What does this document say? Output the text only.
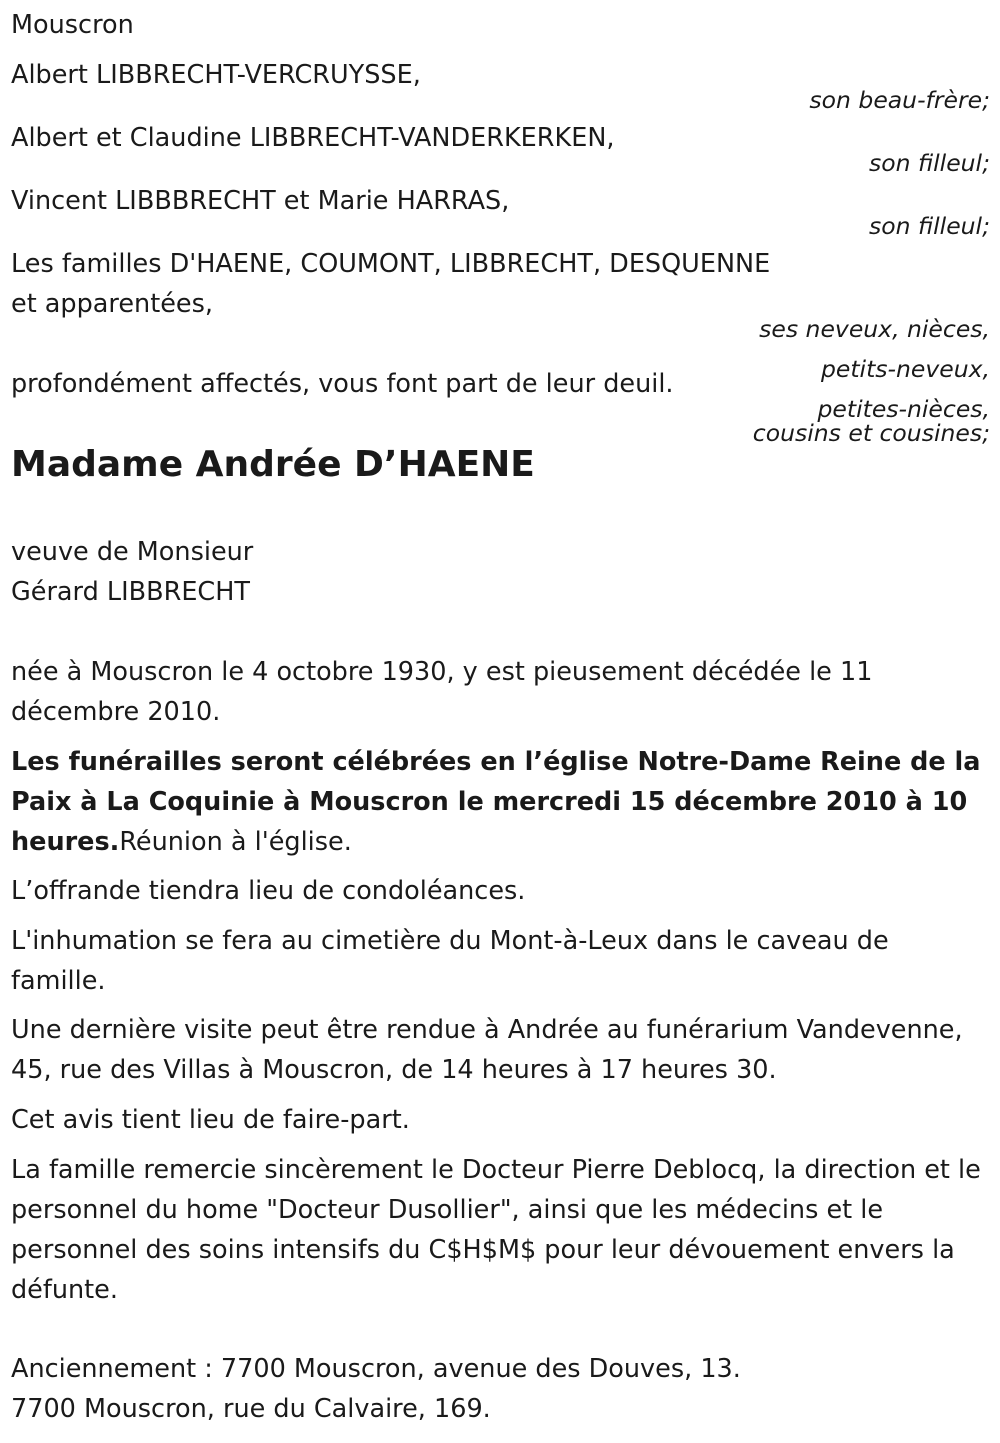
Mouscron
Albert LIBBRECHT-VERCRUYSSE,
son beau-frère;
Albert et Claudine LIBBRECHT-VANDERKERKEN,
son filleul;
Vincent LIBBBRECHT et Marie HARRAS,
son filleul;
Les familles D'HAENE, COUMONT, LIBBRECHT, DESQUENNE
et apparentées,
ses neveux, nièces,
petits-neveux,
petites-nièces,
cousins et cousines;
profondément affectés, vous font part de leur deuil.
Madame Andrée D’HAENE
veuve de Monsieur
Gérard LIBBRECHT
née à Mouscron le 4 octobre 1930, y est pieusement décédée le 11 décembre 2010.
Les funérailles seront célébrées en l’église Notre-Dame Reine de la Paix à La Coquinie à Mouscron le mercredi 15 décembre 2010 à 10 heures.Réunion à l'église.
L’offrande tiendra lieu de condoléances.
L'inhumation se fera au cimetière du Mont-à-Leux dans le caveau de famille.
Une dernière visite peut être rendue à Andrée au funérarium Vandevenne, 45, rue des Villas à Mouscron, de 14 heures à 17 heures 30.
Cet avis tient lieu de faire-part.
La famille remercie sincèrement le Docteur Pierre Deblocq, la direction et le personnel du home "Docteur Dusollier", ainsi que les médecins et le personnel des soins intensifs du C$H$M$ pour leur dévouement envers la défunte.
Anciennement : 7700 Mouscron, avenue des Douves, 13.
7700 Mouscron, rue du Calvaire, 169.
